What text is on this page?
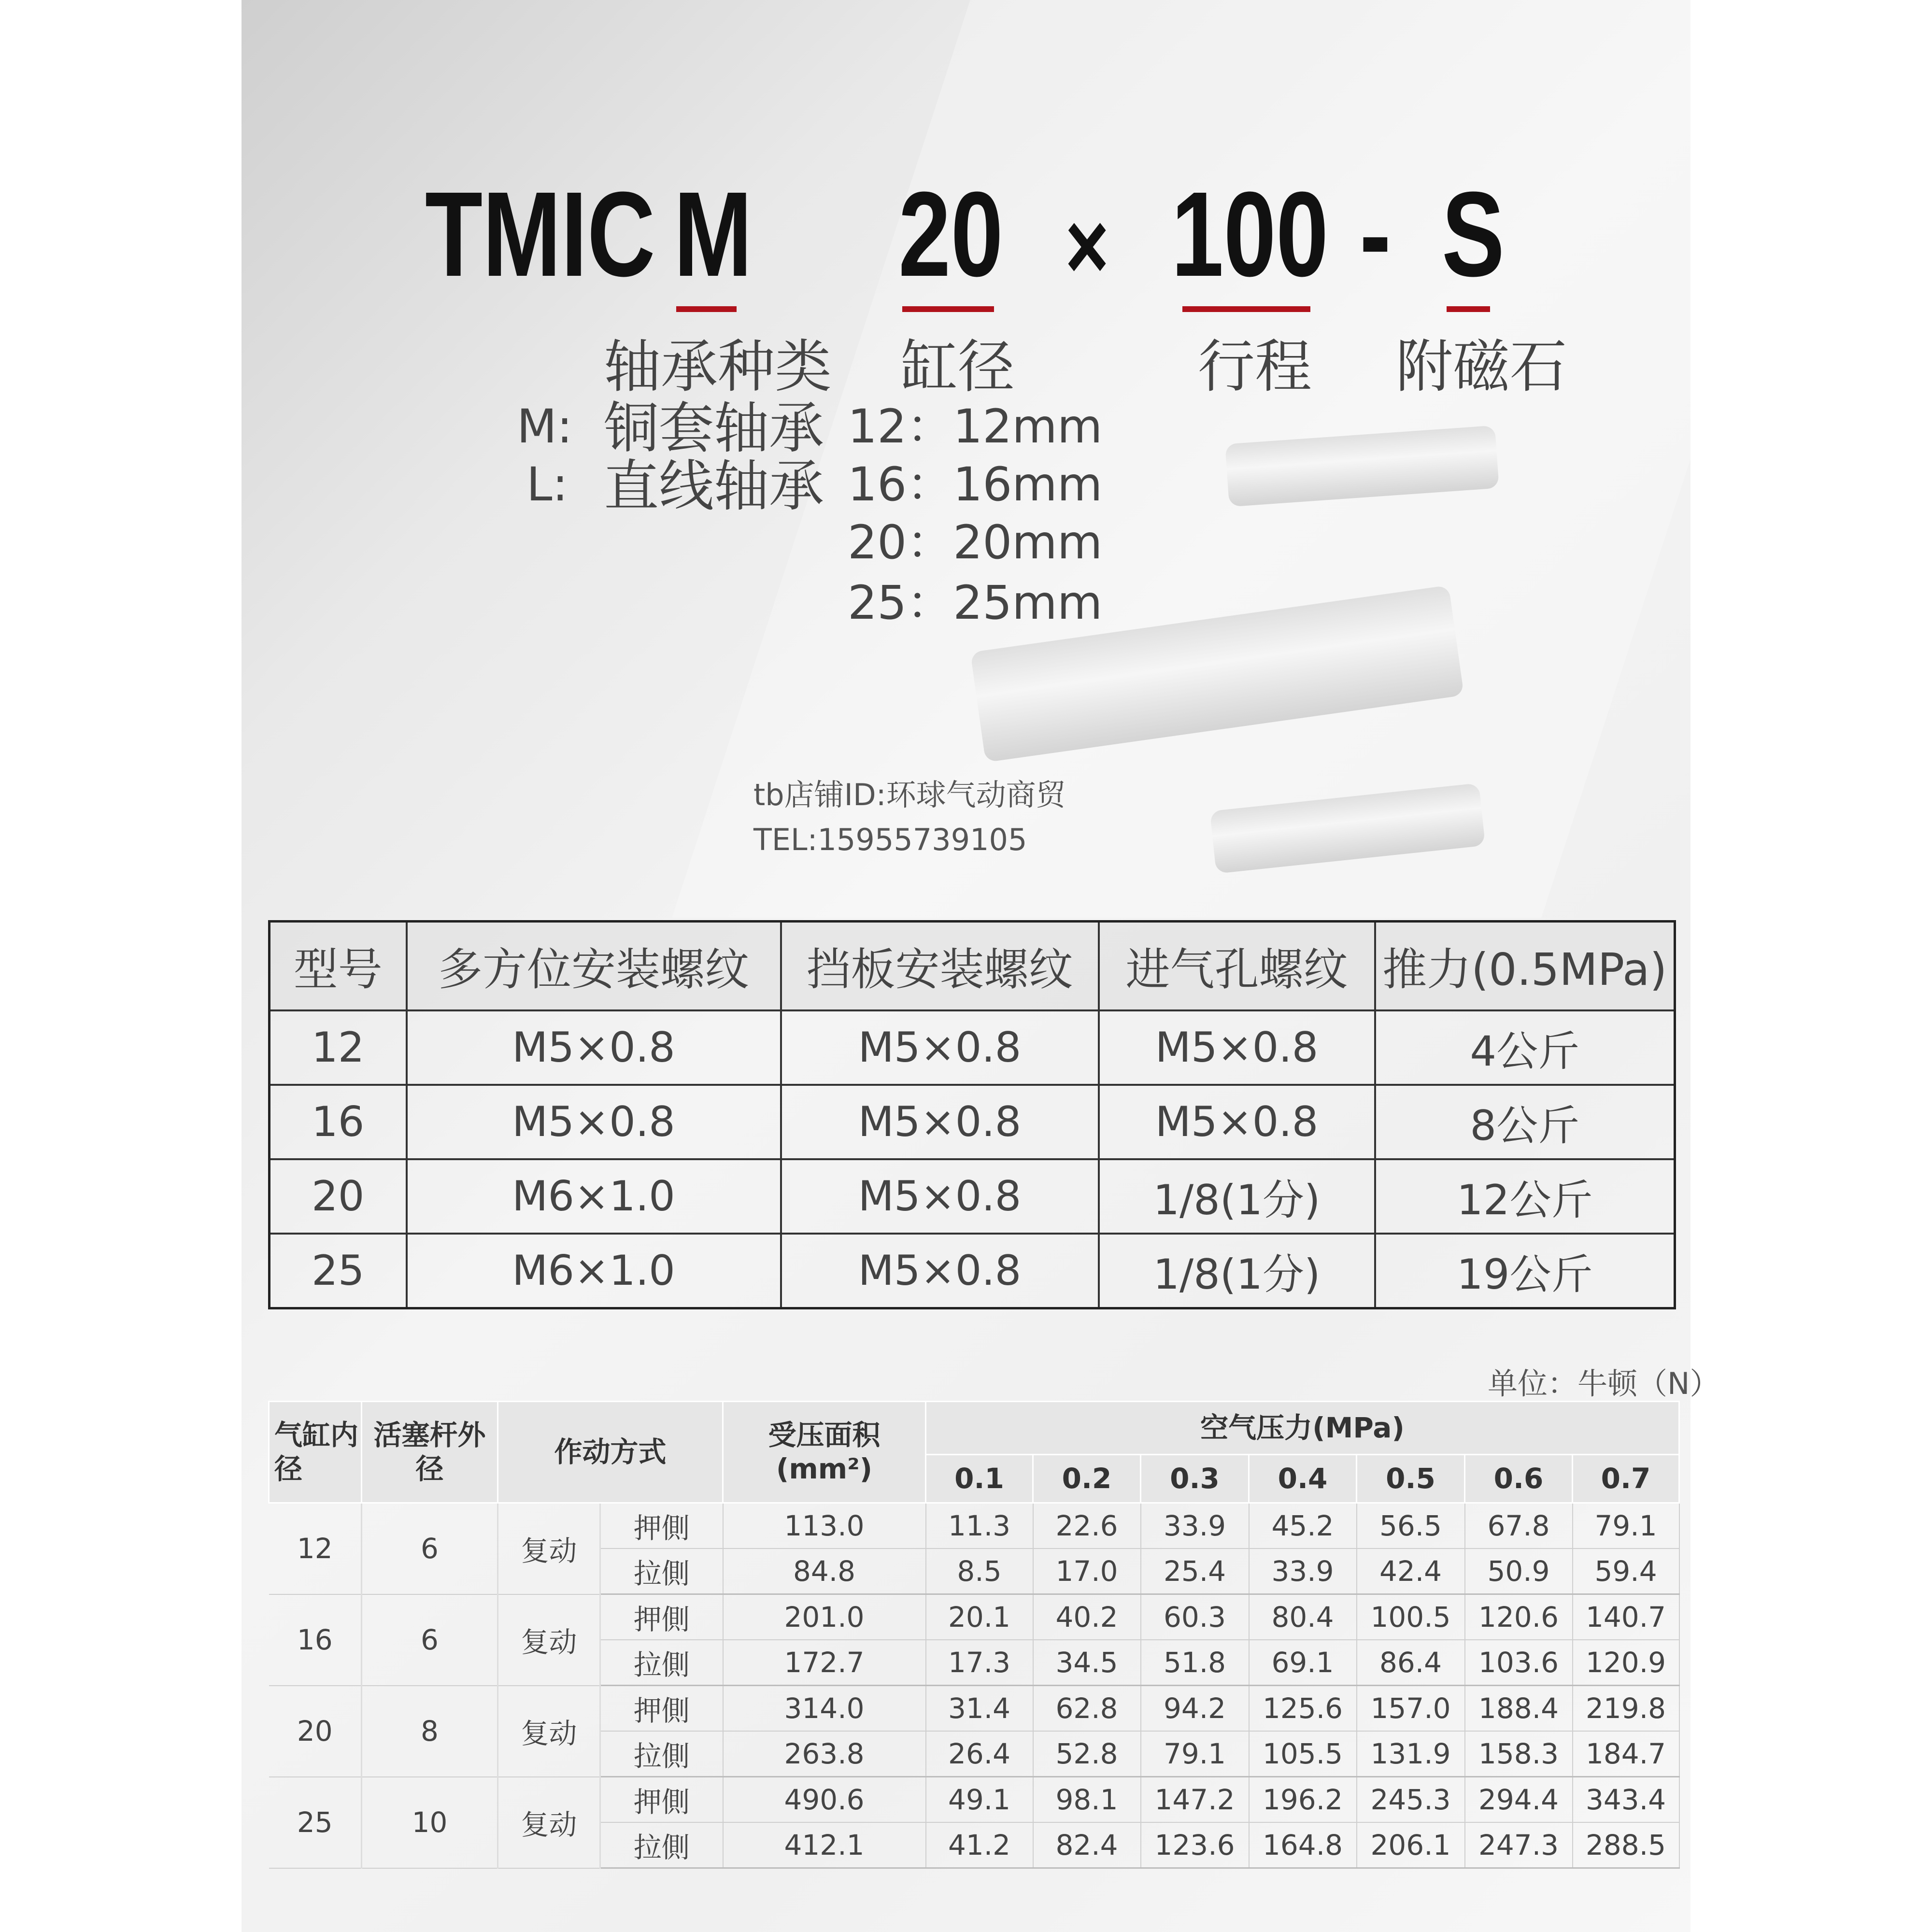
TMIC M 20 × 100 - S
轴承种类 缸径	行程 附磁石
M: 铜套轴承
L: 直线轴承
12：12mm
16：16mm
20：20mm
25：25mm
tb店铺ID:环球气动商贸
TEL:15955739105
型号	多方位安装螺纹	挡板安装螺纹	进气孔螺纹	推力(0.5MPa)
12	M5×0.8	M5×0.8	M5×0.8	4公斤
16	M5×0.8	M5×0.8	M5×0.8	8公斤
20	M6×1.0	M5×0.8	1/8(1分)	12公斤
25	M6×1.0	M5×0.8	1/8(1分)	19公斤
单位：牛顿（N）
气缸内径	活塞杆外径	作动方式		受压面积(mm²)	空气压力(MPa)						
					0.1	0.2	0.3	0.4	0.5	0.6	0.7
12	6	复动	押側	113.0	11.3	22.6	33.9	45.2	56.5	67.8	79.1
			拉側	84.8	8.5	17.0	25.4	33.9	42.4	50.9	59.4
16	6	复动	押側	201.0	20.1	40.2	60.3	80.4	100.5	120.6	140.7
			拉側	172.7	17.3	34.5	51.8	69.1	86.4	103.6	120.9
20	8	复动	押側	314.0	31.4	62.8	94.2	125.6	157.0	188.4	219.8
			拉側	263.8	26.4	52.8	79.1	105.5	131.9	158.3	184.7
25	10	复动	押側	490.6	49.1	98.1	147.2	196.2	245.3	294.4	343.4
			拉側	412.1	41.2	82.4	123.6	164.8	206.1	247.3	288.5
